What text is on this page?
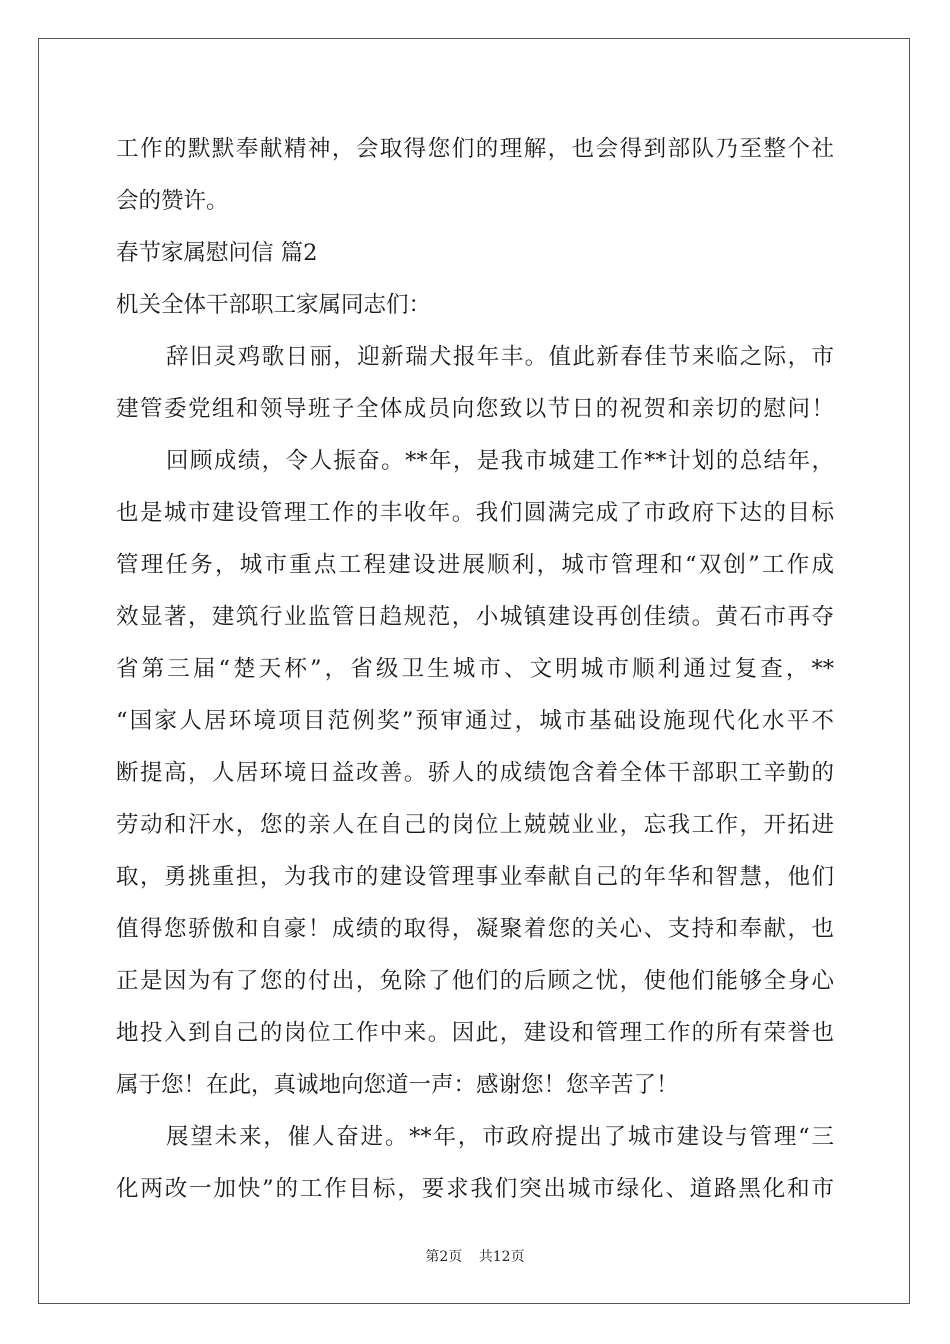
工作的默默奉献精神，会取得您们的理解，也会得到部队乃至整个社
会的赞许。
春节家属慰问信 篇2
机关全体干部职工家属同志们：
辞旧灵鸡歌日丽，迎新瑞犬报年丰。值此新春佳节来临之际，市
建管委党组和领导班子全体成员向您致以节日的祝贺和亲切的慰问！
回顾成绩，令人振奋。**年，是我市城建工作**计划的总结年，
也是城市建设管理工作的丰收年。我们圆满完成了市政府下达的目标
管理任务，城市重点工程建设进展顺利，城市管理和“双创”工作成
效显著，建筑行业监管日趋规范，小城镇建设再创佳绩。黄石市再夺
省第三届“楚天杯”，省级卫生城市、文明城市顺利通过复查，**
“国家人居环境项目范例奖”预审通过，城市基础设施现代化水平不
断提高，人居环境日益改善。骄人的成绩饱含着全体干部职工辛勤的
劳动和汗水，您的亲人在自己的岗位上兢兢业业，忘我工作，开拓进
取，勇挑重担，为我市的建设管理事业奉献自己的年华和智慧，他们
值得您骄傲和自豪！成绩的取得，凝聚着您的关心、支持和奉献，也
正是因为有了您的付出，免除了他们的后顾之忧，使他们能够全身心
地投入到自己的岗位工作中来。因此，建设和管理工作的所有荣誉也
属于您！在此，真诚地向您道一声：感谢您！您辛苦了！
展望未来，催人奋进。**年，市政府提出了城市建设与管理“三
化两改一加快”的工作目标，要求我们突出城市绿化、道路黑化和市
第2页 共12页
